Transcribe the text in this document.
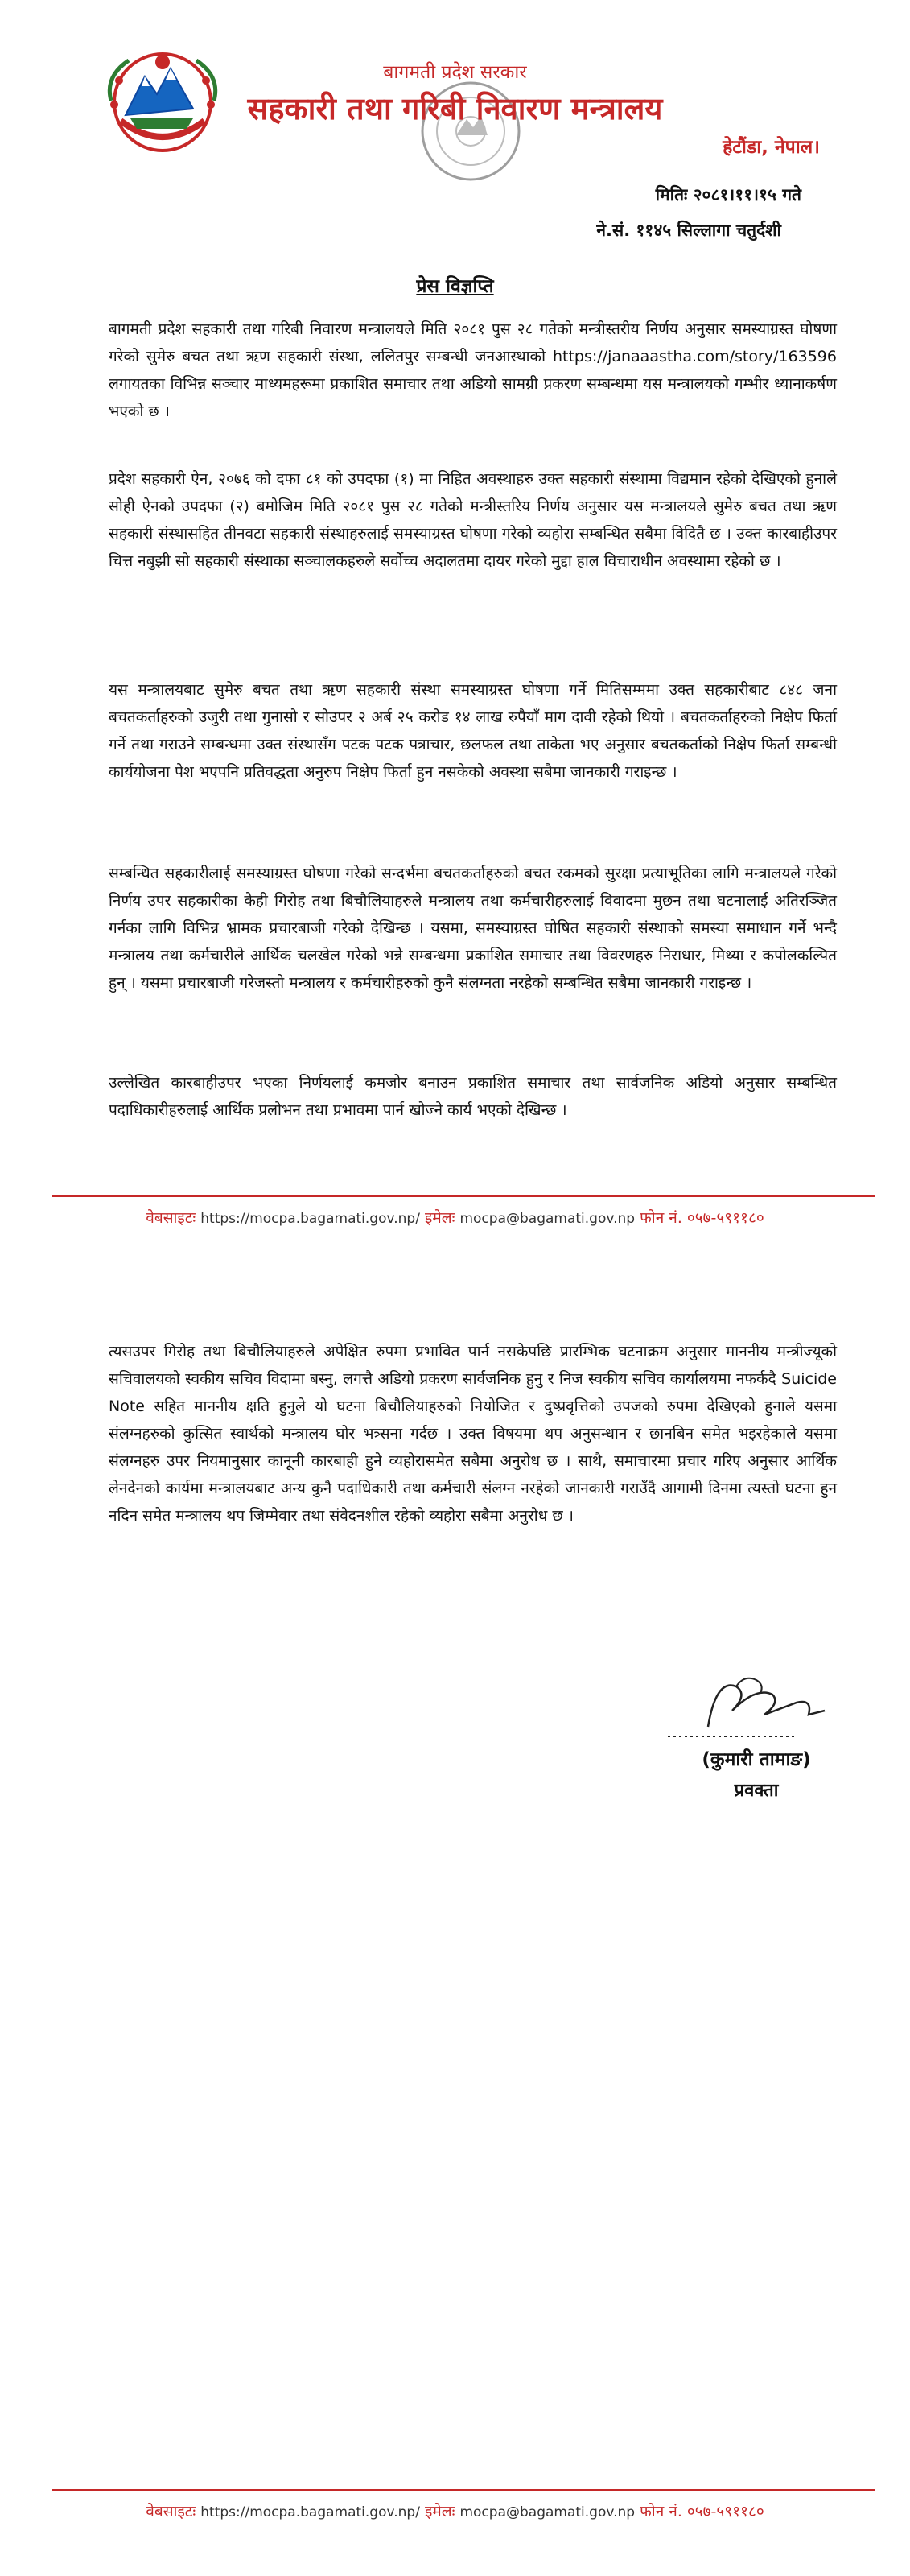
बागमती प्रदेश सरकार
सहकारी तथा गरिबी निवारण मन्त्रालय
हेटौंडा, नेपाल।
मितिः २०८१।११।१५ गते
ने.सं. ११४५ सिल्लागा चतुर्दशी
प्रेस विज्ञप्ति

बागमती प्रदेश सहकारी तथा गरिबी निवारण मन्त्रालयले मिति २०८१ पुस २८ गतेको मन्त्रीस्तरीय निर्णय अनुसार समस्याग्रस्त घोषणा गरेको सुमेरु बचत तथा ऋण सहकारी संस्था, ललितपुर सम्बन्धी जनआस्थाको https://janaaastha.com/story/163596 लगायतका विभिन्न सञ्चार माध्यमहरूमा प्रकाशित समाचार तथा अडियो सामग्री प्रकरण सम्बन्धमा यस मन्त्रालयको गम्भीर ध्यानाकर्षण भएको छ ।

प्रदेश सहकारी ऐन, २०७६ को दफा ८१ को उपदफा (१) मा निहित अवस्थाहरु उक्त सहकारी संस्थामा विद्यमान रहेको देखिएको हुनाले सोही ऐनको उपदफा (२) बमोजिम मिति २०८१ पुस २८ गतेको मन्त्रीस्तरिय निर्णय अनुसार यस मन्त्रालयले सुमेरु बचत तथा ऋण सहकारी संस्थासहित तीनवटा सहकारी संस्थाहरुलाई समस्याग्रस्त घोषणा गरेको व्यहोरा सम्बन्धित सबैमा विदितै छ । उक्त कारबाहीउपर चित्त नबुझी सो सहकारी संस्थाका सञ्चालकहरुले सर्वोच्च अदालतमा दायर गरेको मुद्दा हाल विचाराधीन अवस्थामा रहेको छ ।

यस मन्त्रालयबाट सुमेरु बचत तथा ऋण सहकारी संस्था समस्याग्रस्त घोषणा गर्ने मितिसम्ममा उक्त सहकारीबाट ८४८ जना बचतकर्ताहरुको उजुरी तथा गुनासो र सोउपर २ अर्ब २५ करोड १४ लाख रुपैयाँ माग दावी रहेको थियो । बचतकर्ताहरुको निक्षेप फिर्ता गर्ने तथा गराउने सम्बन्धमा उक्त संस्थासँग पटक पटक पत्राचार, छलफल तथा ताकेता भए अनुसार बचतकर्ताको निक्षेप फिर्ता सम्बन्धी कार्ययोजना पेश भएपनि प्रतिवद्धता अनुरुप निक्षेप फिर्ता हुन नसकेको अवस्था सबैमा जानकारी गराइन्छ ।

सम्बन्धित सहकारीलाई समस्याग्रस्त घोषणा गरेको सन्दर्भमा बचतकर्ताहरुको बचत रकमको सुरक्षा प्रत्याभूतिका लागि मन्त्रालयले गरेको निर्णय उपर सहकारीका केही गिरोह तथा बिचौलियाहरुले मन्त्रालय तथा कर्मचारीहरुलाई विवादमा मुछन तथा घटनालाई अतिरञ्जित गर्नका लागि विभिन्न भ्रामक प्रचारबाजी गरेको देखिन्छ । यसमा, समस्याग्रस्त घोषित सहकारी संस्थाको समस्या समाधान गर्ने भन्दै मन्त्रालय तथा कर्मचारीले आर्थिक चलखेल गरेको भन्ने सम्बन्धमा प्रकाशित समाचार तथा विवरणहरु निराधार, मिथ्या र कपोलकल्पित हुन् । यसमा प्रचारबाजी गरेजस्तो मन्त्रालय र कर्मचारीहरुको कुनै संलग्नता नरहेको सम्बन्धित सबैमा जानकारी गराइन्छ ।

उल्लेखित कारबाहीउपर भएका निर्णयलाई कमजोर बनाउन प्रकाशित समाचार तथा सार्वजनिक अडियो अनुसार सम्बन्धित पदाधिकारीहरुलाई आर्थिक प्रलोभन तथा प्रभावमा पार्न खोज्ने कार्य भएको देखिन्छ ।

वेबसाइटः https://mocpa.bagamati.gov.np/ इमेलः mocpa@bagamati.gov.np फोन नं. ०५७-५९११८०

त्यसउपर गिरोह तथा बिचौलियाहरुले अपेक्षित रुपमा प्रभावित पार्न नसकेपछि प्रारम्भिक घटनाक्रम अनुसार माननीय मन्त्रीज्यूको सचिवालयको स्वकीय सचिव विदामा बस्नु, लगत्तै अडियो प्रकरण सार्वजनिक हुनु र निज स्वकीय सचिव कार्यालयमा नफर्कदै Suicide Note सहित माननीय क्षति हुनुले यो घटना बिचौलियाहरुको नियोजित र दुष्प्रवृत्तिको उपजको रुपमा देखिएको हुनाले यसमा संलग्नहरुको कुत्सित स्वार्थको मन्त्रालय घोर भत्र्सना गर्दछ । उक्त विषयमा थप अनुसन्धान र छानबिन समेत भइरहेकाले यसमा संलग्नहरु उपर नियमानुसार कानूनी कारबाही हुने व्यहोरासमेत सबैमा अनुरोध छ । साथै, समाचारमा प्रचार गरिए अनुसार आर्थिक लेनदेनको कार्यमा मन्त्रालयबाट अन्य कुनै पदाधिकारी तथा कर्मचारी संलग्न नरहेको जानकारी गराउँदै आगामी दिनमा त्यस्तो घटना हुन नदिन समेत मन्त्रालय थप जिम्मेवार तथा संवेदनशील रहेको व्यहोरा सबैमा अनुरोध छ ।

(कुमारी तामाङ)
प्रवक्ता
वेबसाइटः https://mocpa.bagamati.gov.np/ इमेलः mocpa@bagamati.gov.np फोन नं. ०५७-५९११८०
